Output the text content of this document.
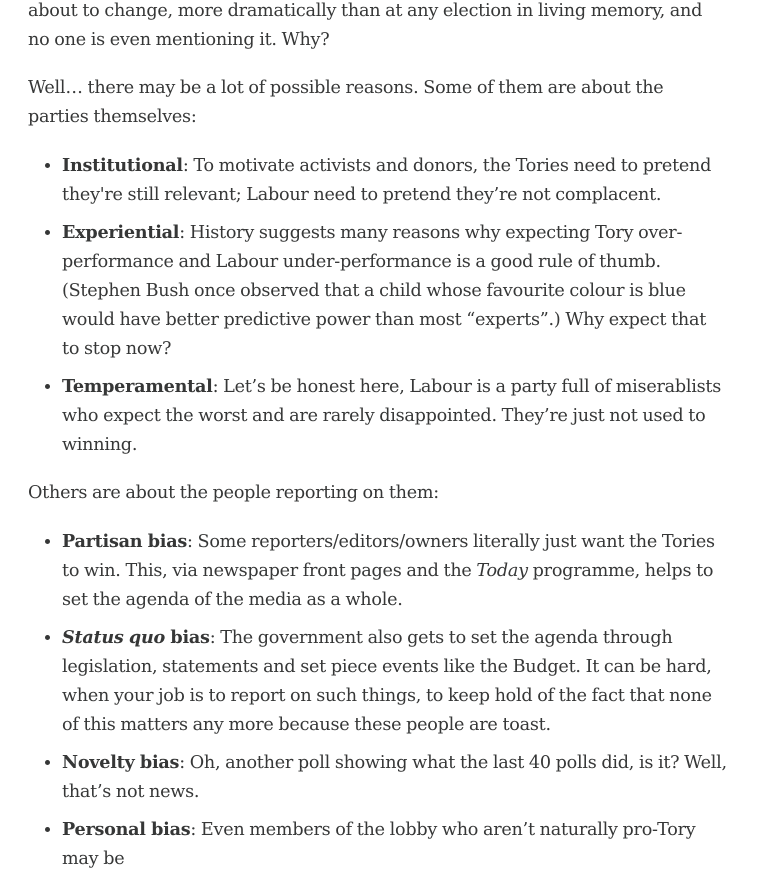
about to change, more dramatically than at any election in living memory, and no one is even mentioning it. Why?

Well… there may be a lot of possible reasons. Some of them are about the parties themselves:

• Institutional: To motivate activists and donors, the Tories need to pretend they're still relevant; Labour need to pretend they’re not complacent.
• Experiential: History suggests many reasons why expecting Tory over-performance and Labour under-performance is a good rule of thumb. (Stephen Bush once observed that a child whose favourite colour is blue would have better predictive power than most “experts”.) Why expect that to stop now?
• Temperamental: Let’s be honest here, Labour is a party full of miserablists who expect the worst and are rarely disappointed. They’re just not used to winning.

Others are about the people reporting on them:

• Partisan bias: Some reporters/editors/owners literally just want the Tories to win. This, via newspaper front pages and the Today programme, helps to set the agenda of the media as a whole.
• Status quo bias: The government also gets to set the agenda through legislation, statements and set piece events like the Budget. It can be hard, when your job is to report on such things, to keep hold of the fact that none of this matters any more because these people are toast.
• Novelty bias: Oh, another poll showing what the last 40 polls did, is it? Well, that’s not news.
• Personal bias: Even members of the lobby who aren’t naturally pro-Tory may be
